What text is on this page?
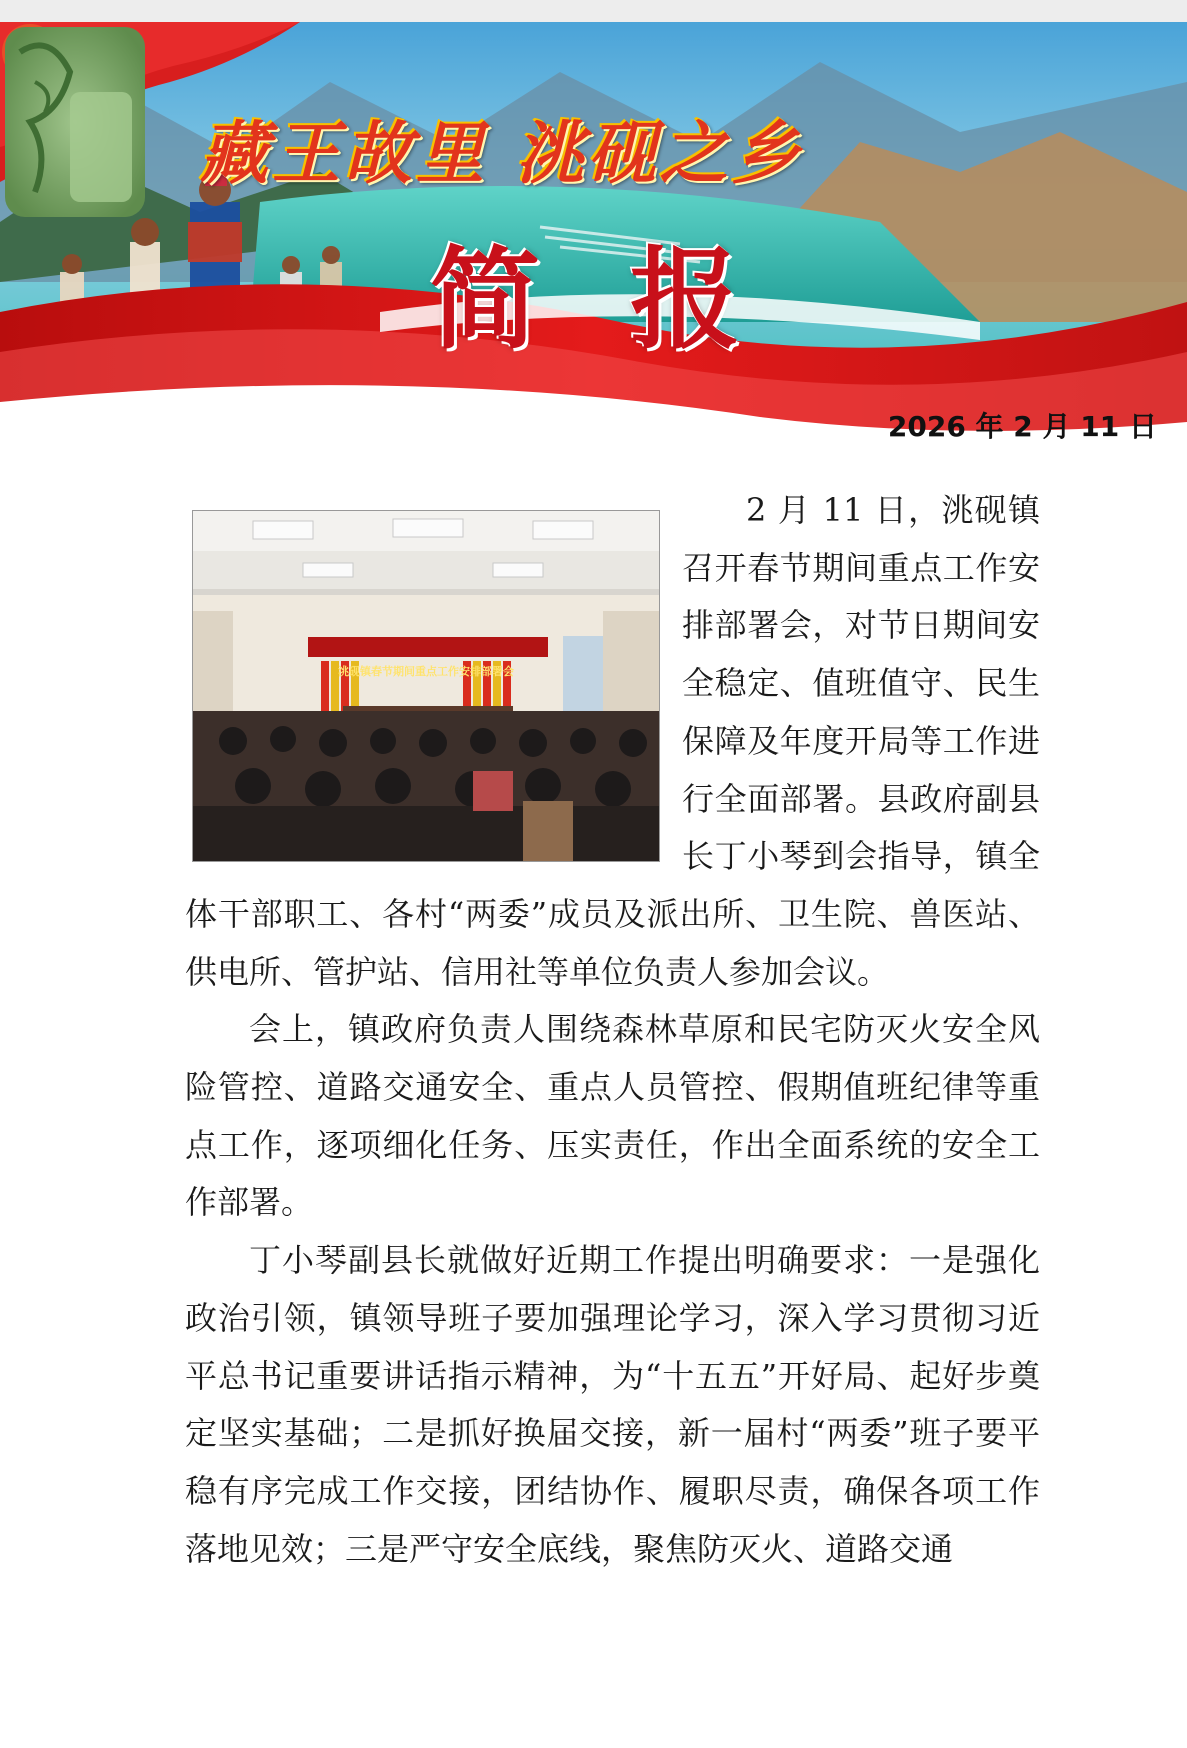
藏王故里 洮砚之乡
简报
2026 年 2 月 11 日
洮砚镇春节期间重点工作安排部署会

2 月 11 日，洮砚镇召开春节期间重点工作安排部署会，对节日期间安全稳定、值班值守、民生保障及年度开局等工作进行全面部署。县政府副县长丁小琴到会指导，镇全体干部职工、各村“两委”成员及派出所、卫生院、兽医站、供电所、管护站、信用社等单位负责人参加会议。

会上，镇政府负责人围绕森林草原和民宅防灭火安全风险管控、道路交通安全、重点人员管控、假期值班纪律等重点工作，逐项细化任务、压实责任，作出全面系统的安全工作部署。

丁小琴副县长就做好近期工作提出明确要求：一是强化政治引领，镇领导班子要加强理论学习，深入学习贯彻习近平总书记重要讲话指示精神，为“十五五”开好局、起好步奠定坚实基础；二是抓好换届交接，新一届村“两委”班子要平稳有序完成工作交接，团结协作、履职尽责，确保各项工作落地见效；三是严守安全底线，聚焦防灭火、道路交通
